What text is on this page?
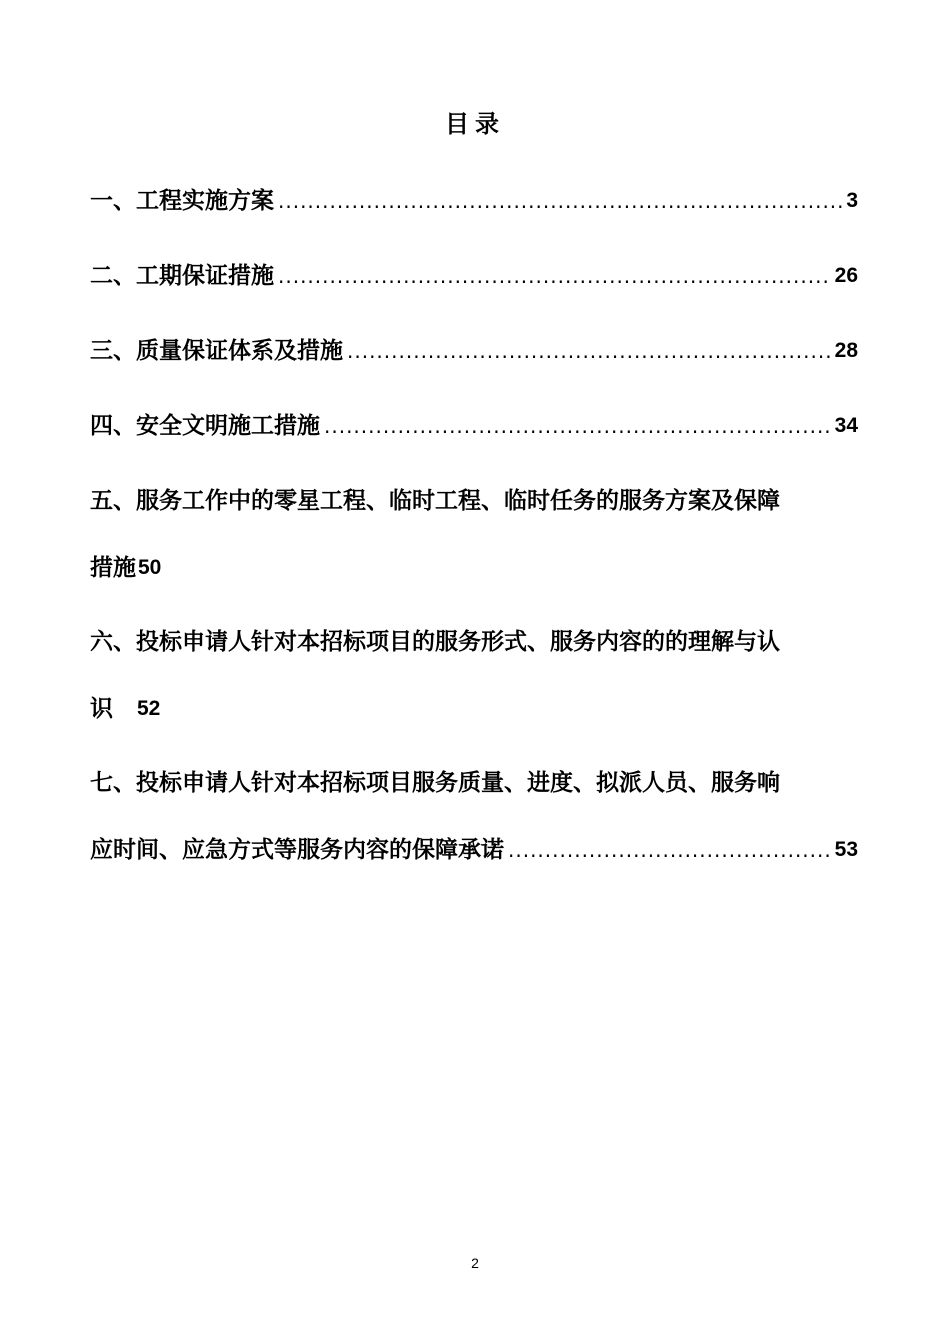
目录
一、工程实施方案 .....	3
二、工期保证措施 .....	26
三、质量保证体系及措施 .....	28
四、安全文明施工措施 .....	34
五、服务工作中的零星工程、临时工程、临时任务的服务方案及保障
措施 50
六、投标申请人针对本招标项目的服务形式、服务内容的的理解与认
识 52
七、投标申请人针对本招标项目服务质量、进度、拟派人员、服务响
应时间、应急方式等服务内容的保障承诺 .....	53
2
